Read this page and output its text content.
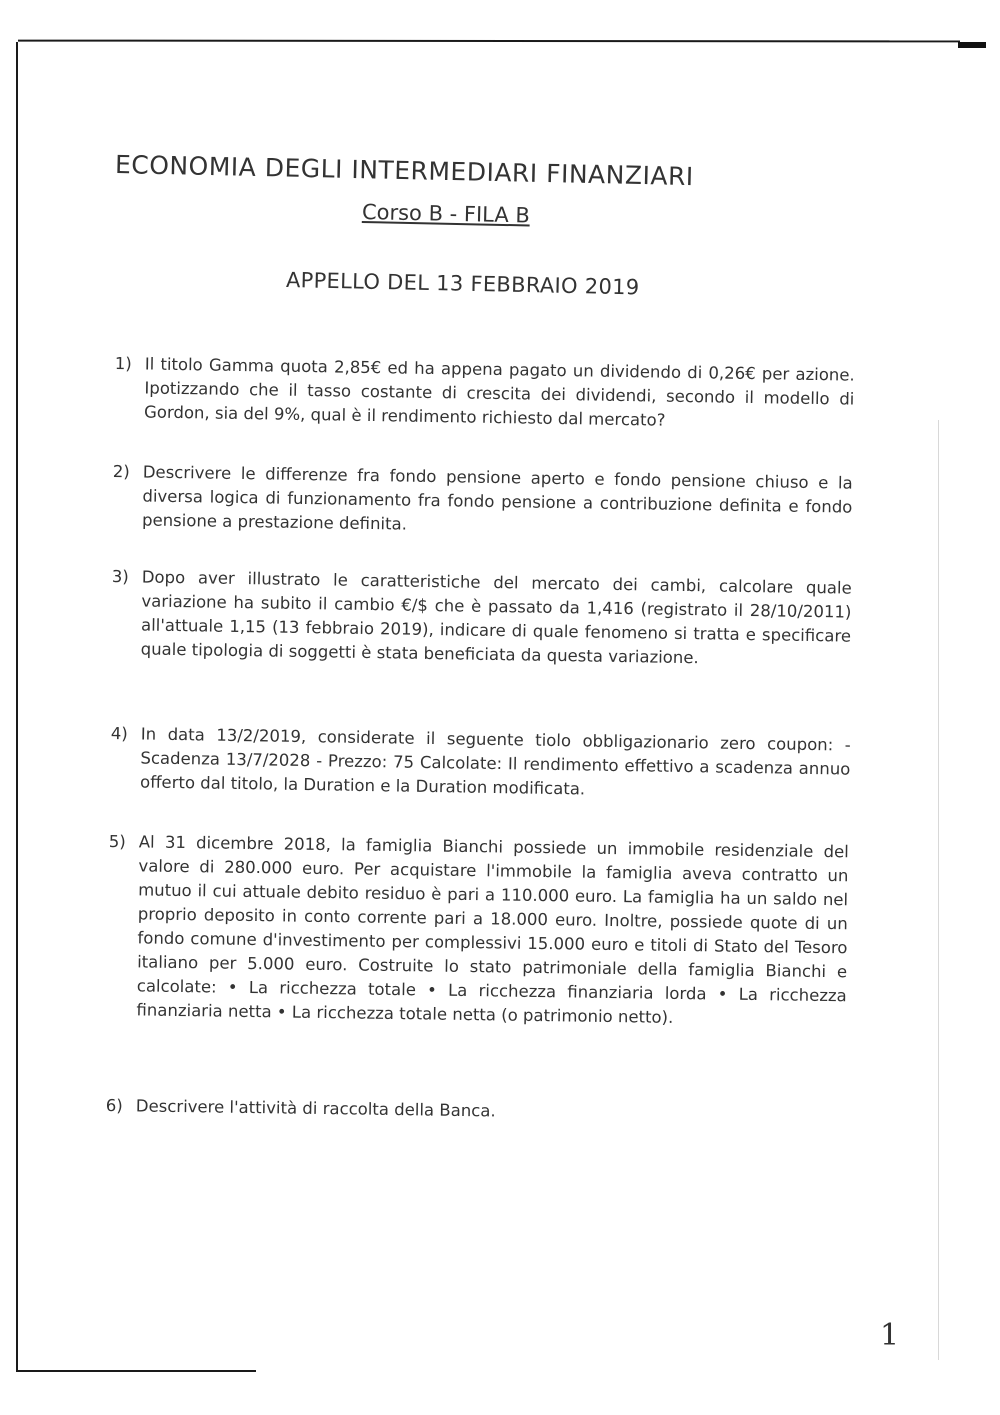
ECONOMIA DEGLI INTERMEDIARI FINANZIARI
Corso B - FILA B
APPELLO DEL 13 FEBBRAIO 2019
1) Il titolo Gamma quota 2,85€ ed ha appena pagato un dividendo di 0,26€ per azione. Ipotizzando che il tasso costante di crescita dei dividendi, secondo il modello di Gordon, sia del 9%, qual è il rendimento richiesto dal mercato?
2) Descrivere le differenze fra fondo pensione aperto e fondo pensione chiuso e la diversa logica di funzionamento fra fondo pensione a contribuzione definita e fondo pensione a prestazione definita.
3) Dopo aver illustrato le caratteristiche del mercato dei cambi, calcolare quale variazione ha subito il cambio €/$ che è passato da 1,416 (registrato il 28/10/2011) all'attuale 1,15 (13 febbraio 2019), indicare di quale fenomeno si tratta e specificare quale tipologia di soggetti è stata beneficiata da questa variazione.
4) In data 13/2/2019, considerate il seguente tiolo obbligazionario zero coupon: - Scadenza 13/7/2028 - Prezzo: 75 Calcolate: Il rendimento effettivo a scadenza annuo offerto dal titolo, la Duration e la Duration modificata.
5) Al 31 dicembre 2018, la famiglia Bianchi possiede un immobile residenziale del valore di 280.000 euro. Per acquistare l'immobile la famiglia aveva contratto un mutuo il cui attuale debito residuo è pari a 110.000 euro. La famiglia ha un saldo nel proprio deposito in conto corrente pari a 18.000 euro. Inoltre, possiede quote di un fondo comune d'investimento per complessivi 15.000 euro e titoli di Stato del Tesoro italiano per 5.000 euro. Costruite lo stato patrimoniale della famiglia Bianchi e calcolate: • La ricchezza totale • La ricchezza finanziaria lorda • La ricchezza finanziaria netta • La ricchezza totale netta (o patrimonio netto).
6) Descrivere l'attività di raccolta della Banca.
1
